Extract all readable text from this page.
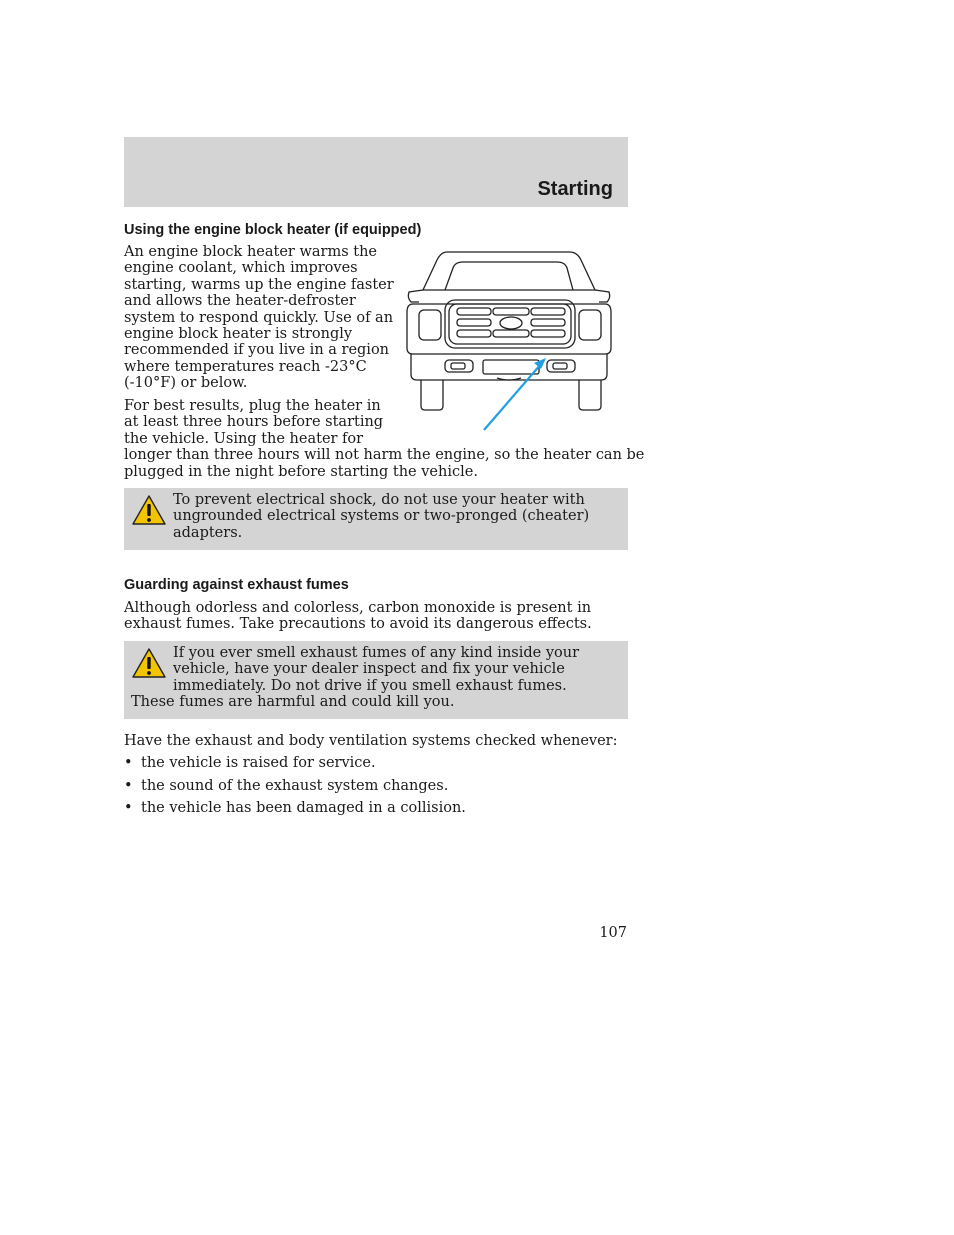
Starting
Using the engine block heater (if equipped)
An engine block heater warms the
engine coolant, which improves
starting, warms up the engine faster
and allows the heater-defroster
system to respond quickly. Use of an
engine block heater is strongly
recommended if you live in a region
where temperatures reach -23°C
(-10°F) or below.
For best results, plug the heater in
at least three hours before starting
the vehicle. Using the heater for
longer than three hours will not harm the engine, so the heater can be
plugged in the night before starting the vehicle.
To prevent electrical shock, do not use your heater with ungrounded electrical systems or two-pronged (cheater) adapters.
Guarding against exhaust fumes

Although odorless and colorless, carbon monoxide is present in exhaust fumes. Take precautions to avoid its dangerous effects.

If you ever smell exhaust fumes of any kind inside your vehicle, have your dealer inspect and fix your vehicle immediately. Do not drive if you smell exhaust fumes. These fumes are harmful and could kill you.

Have the exhaust and body ventilation systems checked whenever:

• the vehicle is raised for service.
• the sound of the exhaust system changes.
• the vehicle has been damaged in a collision.
107
